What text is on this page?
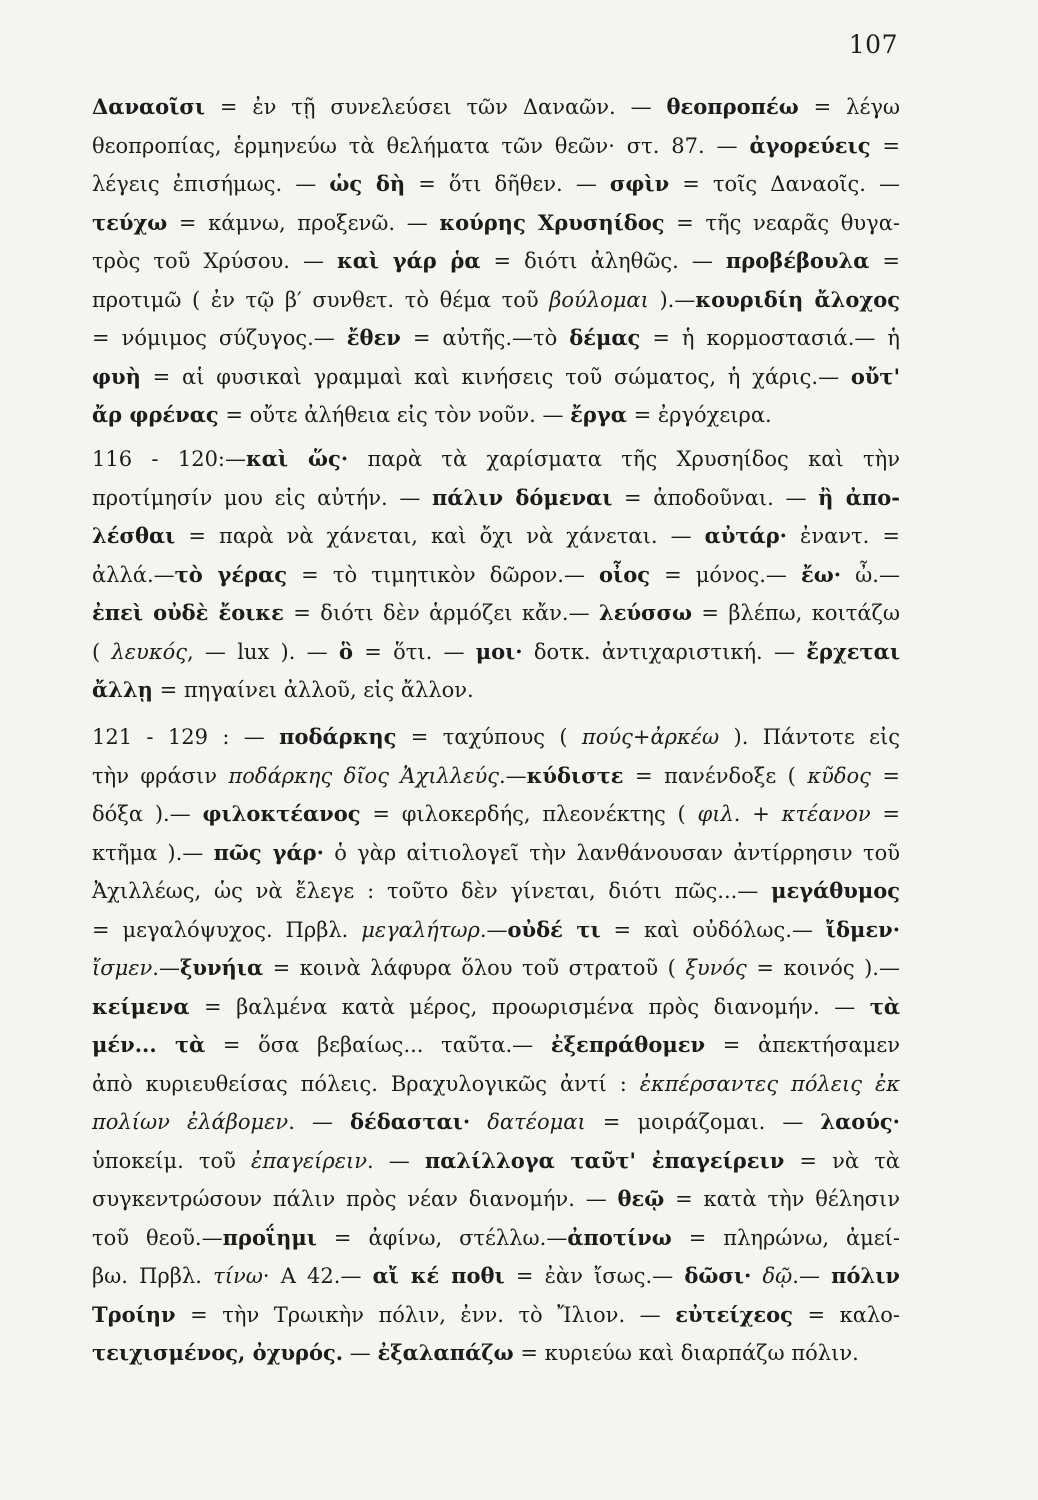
107
Δαναοῖσι = ἐν τῇ συνελεύσει τῶν Δαναῶν. — θεοπροπέω = λέγω
θεοπροπίας, ἑρμηνεύω τὰ θελήματα τῶν θεῶν· στ. 87. — ἀγορεύεις =
λέγεις ἐπισήμως. — ὡς δὴ = ὅτι δῆθεν. — σφὶν = τοῖς Δαναοῖς. —
τεύχω = κάμνω, προξενῶ. — κούρης Χρυσηίδος = τῆς νεαρᾶς θυγα-
τρὸς τοῦ Χρύσου. — καὶ γάρ ῥα = διότι ἀληθῶς. — προβέβουλα =
προτιμῶ ( ἐν τῷ β′ συνθετ. τὸ θέμα τοῦ βούλομαι ).—κουριδίη ἄλοχος
= νόμιμος σύζυγος.— ἔθεν = αὐτῆς.—τὸ δέμας = ἡ κορμοστασιά.— ἡ
φυὴ = αἱ φυσικαὶ γραμμαὶ καὶ κινήσεις τοῦ σώματος, ἡ χάρις.— οὔτ'
ἄρ φρένας = οὔτε ἀλήθεια εἰς τὸν νοῦν. — ἔργα = ἐργόχειρα.
116 - 120:—καὶ ὥς· παρὰ τὰ χαρίσματα τῆς Χρυσηίδος καὶ τὴν
προτίμησίν μου εἰς αὐτήν. — πάλιν δόμεναι = ἀποδοῦναι. — ἢ ἀπο-
λέσθαι = παρὰ νὰ χάνεται, καὶ ὄχι νὰ χάνεται. — αὐτάρ· ἐναντ. =
ἀλλά.—τὸ γέρας = τὸ τιμητικὸν δῶρον.— οἶος = μόνος.— ἔω· ὦ.—
ἐπεὶ οὐδὲ ἔοικε = διότι δὲν ἁρμόζει κἄν.— λεύσσω = βλέπω, κοιτάζω
( λευκός, — lux ). — ὃ = ὅτι. — μοι· δοτκ. ἀντιχαριστική. — ἔρχεται
ἄλλῃ = πηγαίνει ἀλλοῦ, εἰς ἄλλον.
121 - 129 : — ποδάρκης = ταχύπους ( πούς+ἀρκέω ). Πάντοτε εἰς
τὴν φράσιν ποδάρκης δῖος Ἀχιλλεύς.—κύδιστε = πανένδοξε ( κῦδος =
δόξα ).— φιλοκτέανος = φιλοκερδής, πλεονέκτης ( φιλ. + κτέανον =
κτῆμα ).— πῶς γάρ· ὁ γὰρ αἰτιολογεῖ τὴν λανθάνουσαν ἀντίρρησιν τοῦ
Ἀχιλλέως, ὡς νὰ ἔλεγε : τοῦτο δὲν γίνεται, διότι πῶς...— μεγάθυμος
= μεγαλόψυχος. Πρβλ. μεγαλήτωρ.—οὐδέ τι = καὶ οὐδόλως.— ἴδμεν·
ἴσμεν.—ξυνήια = κοινὰ λάφυρα ὅλου τοῦ στρατοῦ ( ξυνός = κοινός ).—
κείμενα = βαλμένα κατὰ μέρος, προωρισμένα πρὸς διανομήν. — τὰ
μέν... τὰ = ὅσα βεβαίως... ταῦτα.— ἐξεπράθομεν = ἀπεκτήσαμεν
ἀπὸ κυριευθείσας πόλεις. Βραχυλογικῶς ἀντί : ἐκπέρσαντες πόλεις ἐκ
πολίων ἐλάβομεν. — δέδασται· δατέομαι = μοιράζομαι. — λαούς·
ὑποκείμ. τοῦ ἐπαγείρειν. — παλίλλογα ταῦτ' ἐπαγείρειν = νὰ τὰ
συγκεντρώσουν πάλιν πρὸς νέαν διανομήν. — θεῷ = κατὰ τὴν θέλησιν
τοῦ θεοῦ.—προΐημι = ἀφίνω, στέλλω.—ἀποτίνω = πληρώνω, ἀμεί-
βω. Πρβλ. τίνω· Α 42.— αἴ κέ ποθι = ἐὰν ἴσως.— δῶσι· δῷ.— πόλιν
Τροίην = τὴν Τρωικὴν πόλιν, ἐνν. τὸ Ἴλιον. — εὐτείχεος = καλο-
τειχισμένος, ὀχυρός. — ἐξαλαπάζω = κυριεύω καὶ διαρπάζω πόλιν.
